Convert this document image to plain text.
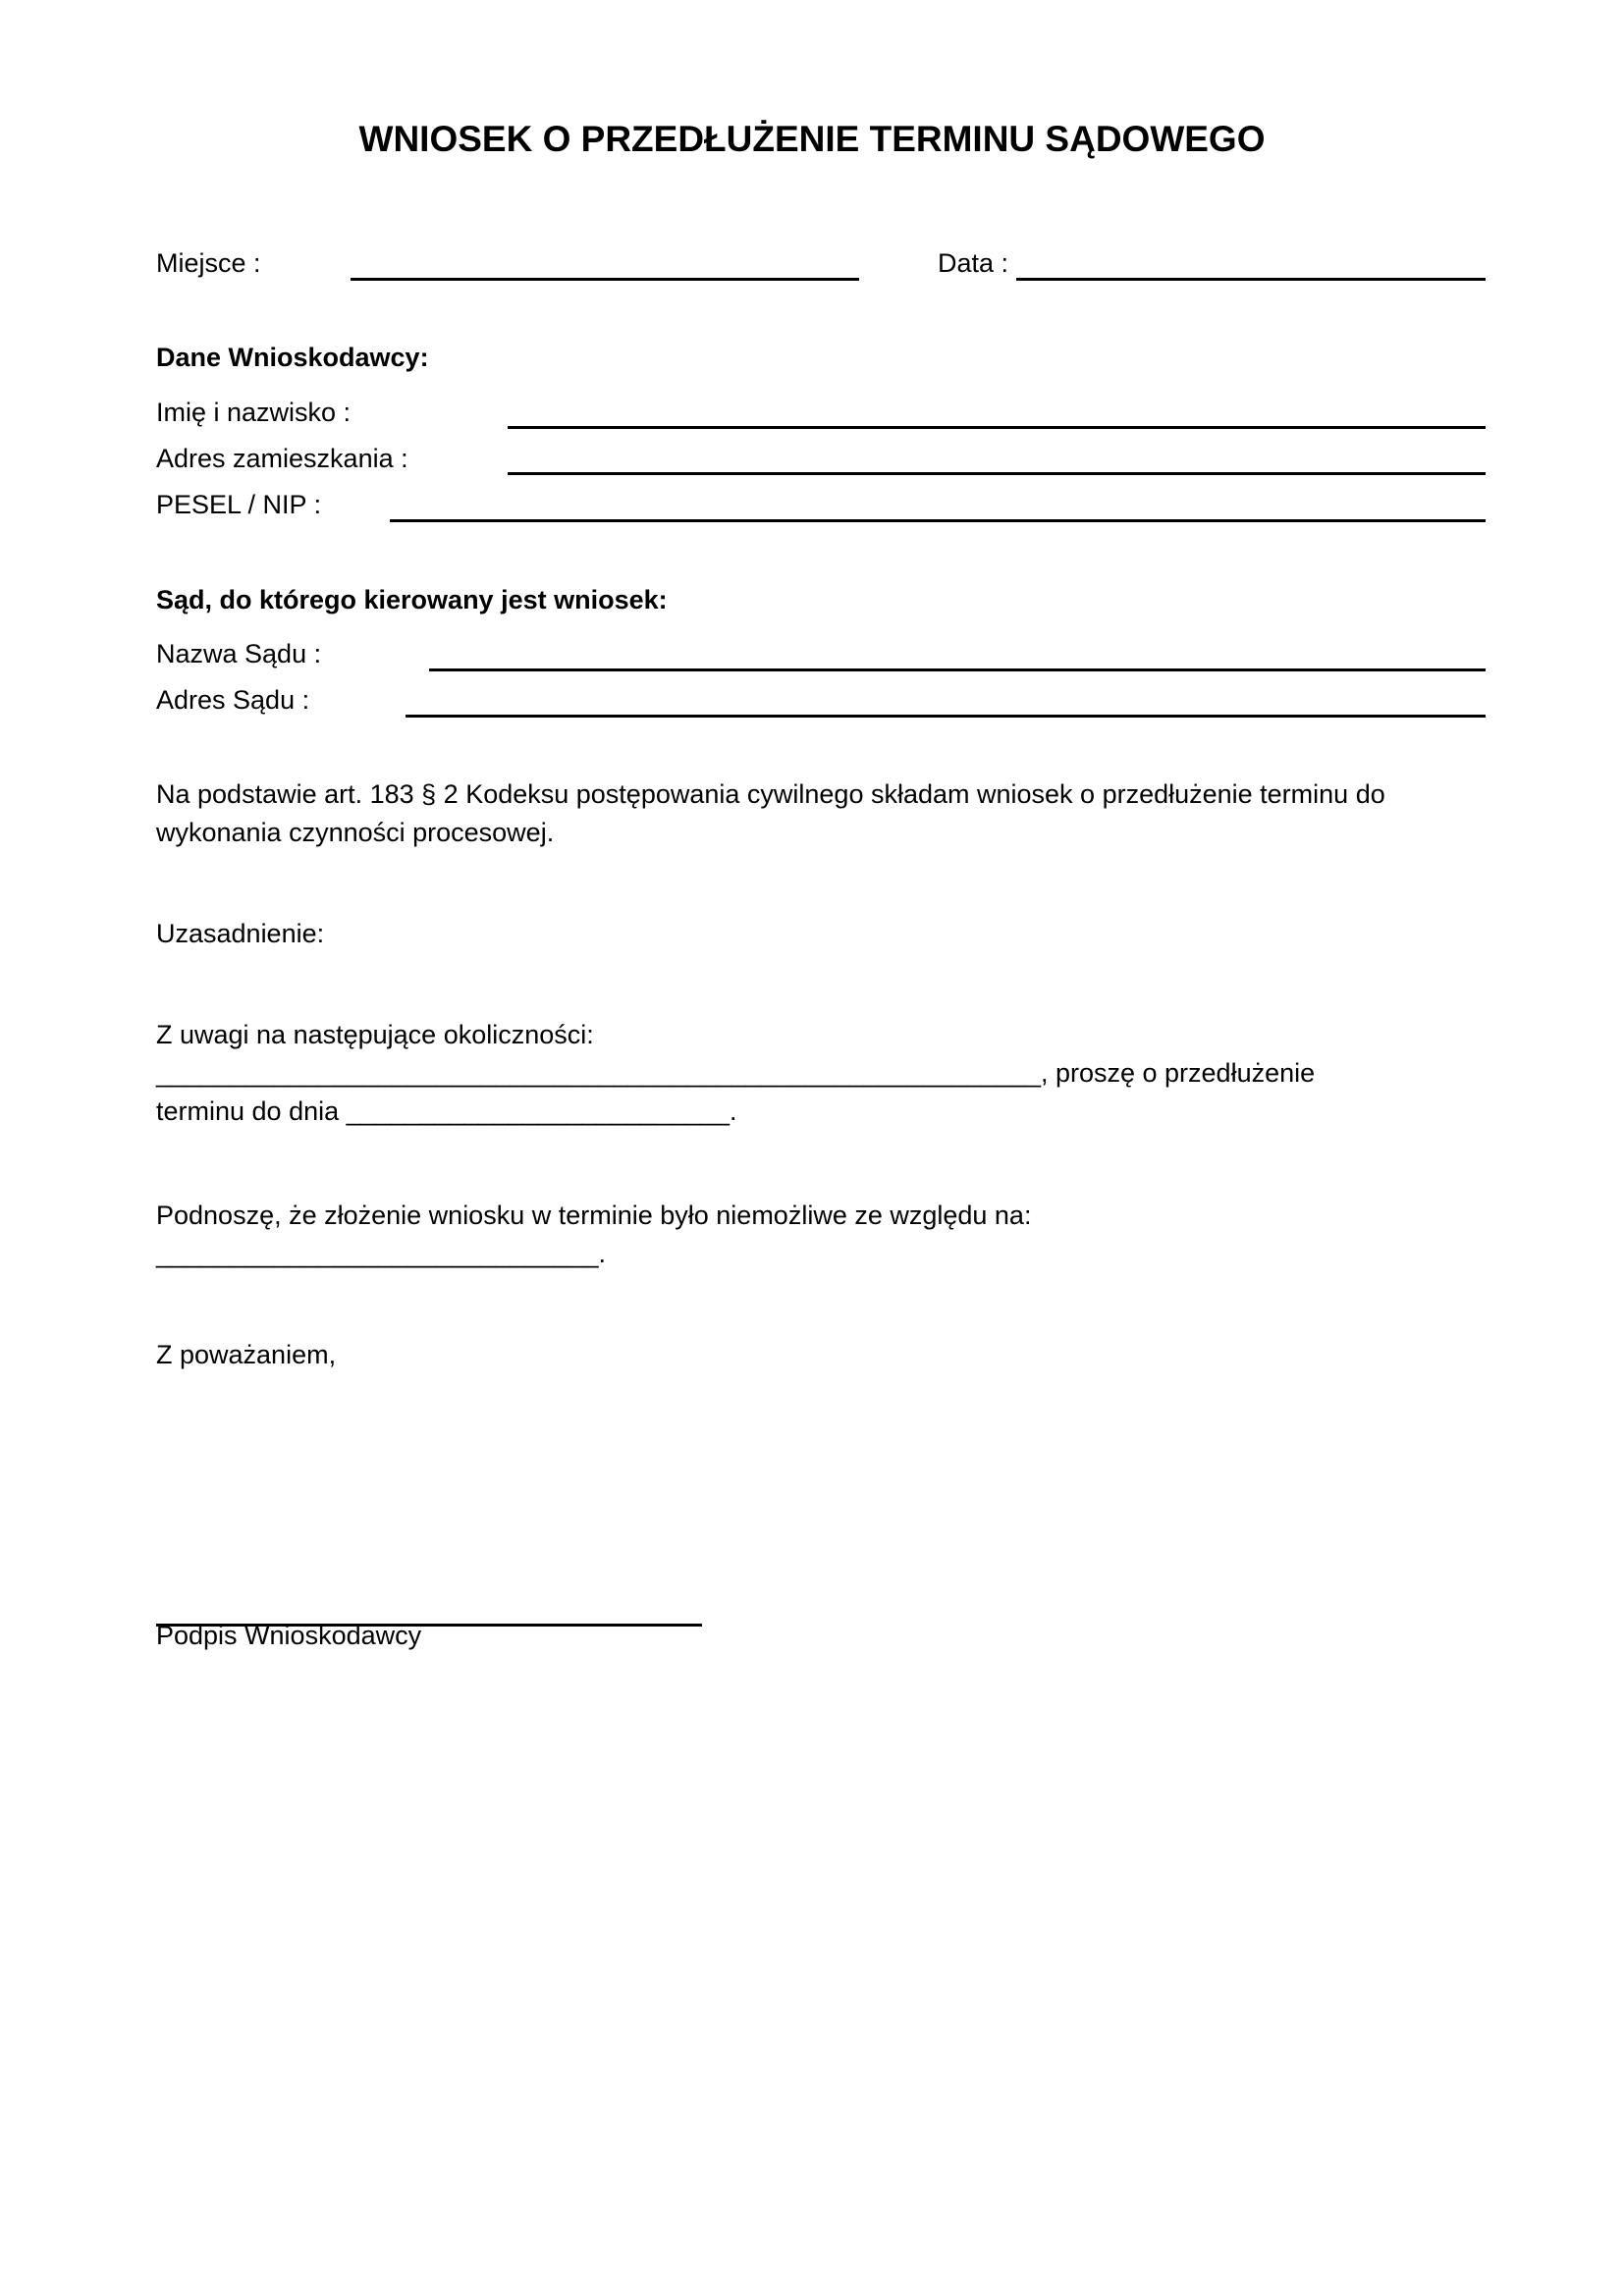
WNIOSEK O PRZEDŁUŻENIE TERMINU SĄDOWEGO
Miejsce :	Data :
Dane Wnioskodawcy:
Imię i nazwisko :
Adres zamieszkania :
PESEL / NIP :
Sąd, do którego kierowany jest wniosek:
Nazwa Sądu :
Adres Sądu :
Na podstawie art. 183 § 2 Kodeksu postępowania cywilnego składam wniosek o przedłużenie terminu do
wykonania czynności procesowej.
Uzasadnienie:
Z uwagi na następujące okoliczności:
____________________________________________________________, proszę o przedłużenie
terminu do dnia __________________________.
Podnoszę, że złożenie wniosku w terminie było niemożliwe ze względu na:
______________________________.
Z poważaniem,
Podpis Wnioskodawcy
